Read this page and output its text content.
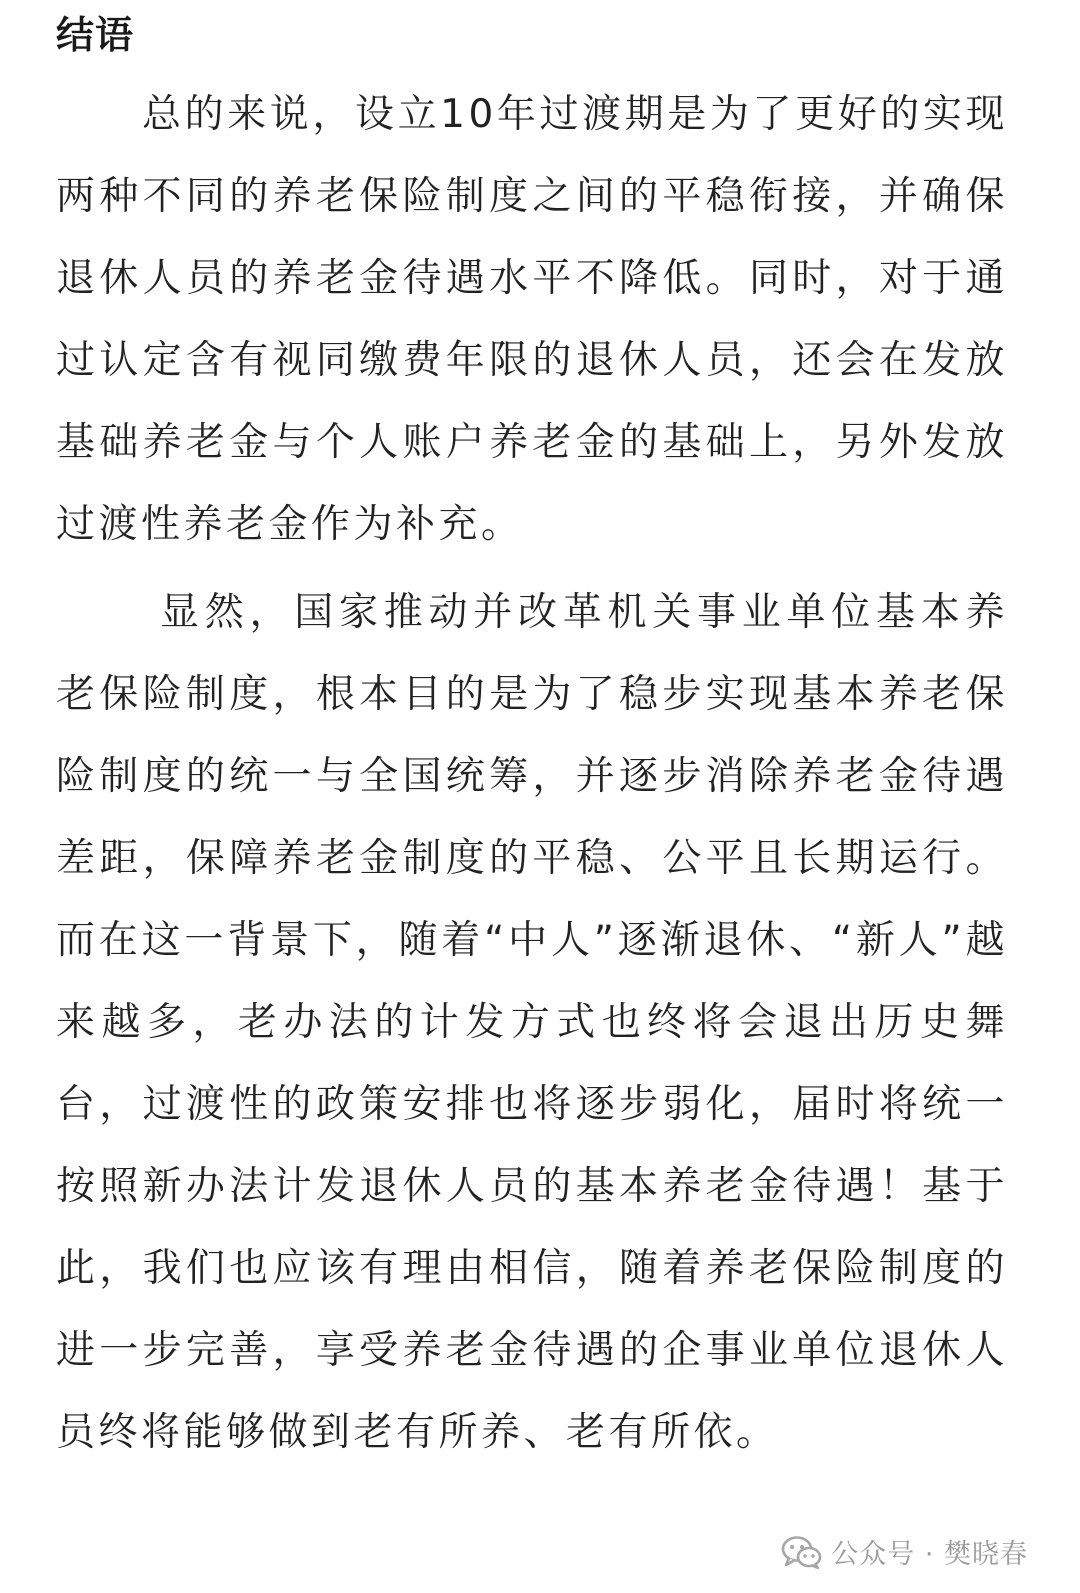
结语

总的来说，设立10年过渡期是为了更好的实现两种不同的养老保险制度之间的平稳衔接，并确保退休人员的养老金待遇水平不降低。同时，对于通过认定含有视同缴费年限的退休人员，还会在发放基础养老金与个人账户养老金的基础上，另外发放过渡性养老金作为补充。

显然，国家推动并改革机关事业单位基本养老保险制度，根本目的是为了稳步实现基本养老保险制度的统一与全国统筹，并逐步消除养老金待遇差距，保障养老金制度的平稳、公平且长期运行。而在这一背景下，随着“中人”逐渐退休、“新人”越来越多，老办法的计发方式也终将会退出历史舞台，过渡性的政策安排也将逐步弱化，届时将统一按照新办法计发退休人员的基本养老金待遇！基于此，我们也应该有理由相信，随着养老保险制度的进一步完善，享受养老金待遇的企事业单位退休人员终将能够做到老有所养、老有所依。

公众号 · 樊晓春
